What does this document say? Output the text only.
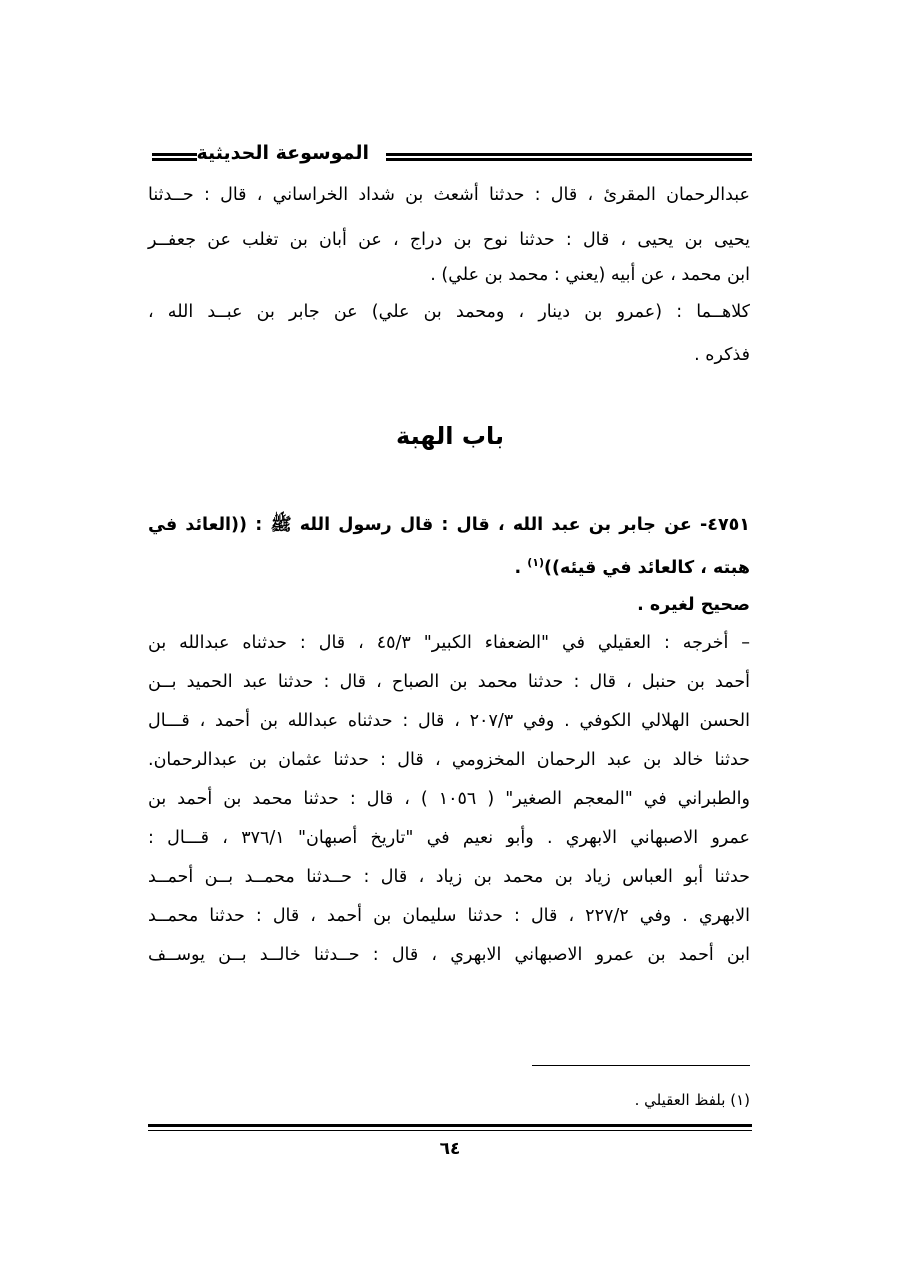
الموسوعة الحديثية
عبدالرحمان المقرئ ، قال : حدثنا أشعث بن شداد الخراساني ، قال : حــدثنا
يحيى بن يحيى ، قال : حدثنا نوح بن دراج ، عن أبان بن تغلب عن جعفــر
ابن محمد ، عن أبيه (يعني : محمد بن علي) .
كلاهــما : (عمرو بن دينار ، ومحمد بن علي) عن جابر بن عبــد الله ،
فذكره .
باب الهبة
٤٧٥١- عن جابر بن عبد الله ، قال : قال رسول الله ﷺ : ((العائد في
هبته ، كالعائد في قيئه))$^{(١)}$ .
صحيح لغيره .
– أخرجه : العقيلي في "الضعفاء الكبير" ٤٥/٣ ، قال : حدثناه عبدالله بن
أحمد بن حنبل ، قال : حدثنا محمد بن الصباح ، قال : حدثنا عبد الحميد بــن
الحسن الهلالي الكوفي . وفي ٢٠٧/٣ ، قال : حدثناه عبدالله بن أحمد ، قـــال
حدثنا خالد بن عبد الرحمان المخزومي ، قال : حدثنا عثمان بن عبدالرحمان.
والطبراني في "المعجم الصغير" ( ١٠٥٦ ) ، قال : حدثنا محمد بن أحمد بن
عمرو الاصبهاني الابهري . وأبو نعيم في "تاريخ أصبهان" ٣٧٦/١ ، قـــال :
حدثنا أبو العباس زياد بن محمد بن زياد ، قال : حــدثنا محمــد بــن أحمــد
الابهري . وفي ٢٢٧/٢ ، قال : حدثنا سليمان بن أحمد ، قال : حدثنا محمــد
ابن أحمد بن عمرو الاصبهاني الابهري ، قال : حــدثنا خالــد بــن يوســف
(١) بلفظ العقيلي .
٦٤
